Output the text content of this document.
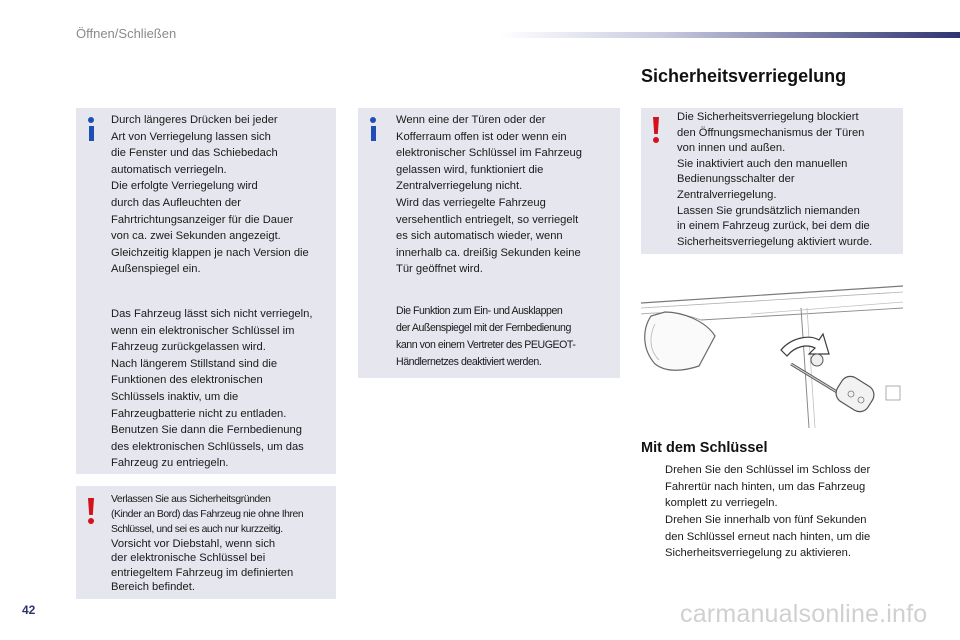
Öffnen/Schließen
Sicherheitsverriegelung
Durch längeres Drücken bei jeder
Art von Verriegelung lassen sich
die Fenster und das Schiebedach
automatisch verriegeln.
Die erfolgte Verriegelung wird
durch das Aufleuchten der
Fahrtrichtungsanzeiger für die Dauer
von ca. zwei Sekunden angezeigt.
Gleichzeitig klappen je nach Version die
Außenspiegel ein.
Das Fahrzeug lässt sich nicht verriegeln,
wenn ein elektronischer Schlüssel im
Fahrzeug zurückgelassen wird.
Nach längerem Stillstand sind die
Funktionen des elektronischen
Schlüssels inaktiv, um die
Fahrzeugbatterie nicht zu entladen.
Benutzen Sie dann die Fernbedienung
des elektronischen Schlüssels, um das
Fahrzeug zu entriegeln.
Wenn eine der Türen oder der
Kofferraum offen ist oder wenn ein
elektronischer Schlüssel im Fahrzeug
gelassen wird, funktioniert die
Zentralverriegelung nicht.
Wird das verriegelte Fahrzeug
versehentlich entriegelt, so verriegelt
es sich automatisch wieder, wenn
innerhalb ca. dreißig Sekunden keine
Tür geöffnet wird.
Die Funktion zum Ein- und Ausklappen
der Außenspiegel mit der Fernbedienung
kann von einem Vertreter des PEUGEOT-
Händlernetzes deaktiviert werden.
Die Sicherheitsverriegelung blockiert
den Öffnungsmechanismus der Türen
von innen und außen.
Sie inaktiviert auch den manuellen
Bedienungsschalter der
Zentralverriegelung.
Lassen Sie grundsätzlich niemanden
in einem Fahrzeug zurück, bei dem die
Sicherheitsverriegelung aktiviert wurde.
Verlassen Sie aus Sicherheitsgründen
(Kinder an Bord) das Fahrzeug nie ohne Ihren
Schlüssel, und sei es auch nur kurzzeitig.
Vorsicht vor Diebstahl, wenn sich
der elektronische Schlüssel bei
entriegeltem Fahrzeug im definierten
Bereich befindet.
Mit dem Schlüssel
Drehen Sie den Schlüssel im Schloss der
Fahrertür nach hinten, um das Fahrzeug
komplett zu verriegeln.
Drehen Sie innerhalb von fünf Sekunden
den Schlüssel erneut nach hinten, um die
Sicherheitsverriegelung zu aktivieren.
42	carmanualsonline.info
